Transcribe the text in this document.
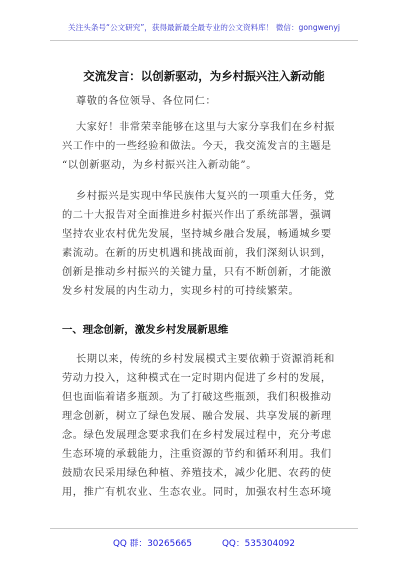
关注头条号“公文研究”，获得最新最全最专业的公文资料库！ 微信：gongwenyj
交流发言：以创新驱动，为乡村振兴注入新动能
尊敬的各位领导、各位同仁：
大家好！非常荣幸能够在这里与大家分享我们在乡村振
兴工作中的一些经验和做法。今天，我交流发言的主题是
“以创新驱动，为乡村振兴注入新动能”。
乡村振兴是实现中华民族伟大复兴的一项重大任务，党
的二十大报告对全面推进乡村振兴作出了系统部署，强调
坚持农业农村优先发展，坚持城乡融合发展，畅通城乡要
素流动。在新的历史机遇和挑战面前，我们深刻认识到，
创新是推动乡村振兴的关键力量，只有不断创新，才能激
发乡村发展的内生动力，实现乡村的可持续繁荣。
一、理念创新，激发乡村发展新思维
长期以来，传统的乡村发展模式主要依赖于资源消耗和
劳动力投入，这种模式在一定时期内促进了乡村的发展，
但也面临着诸多瓶颈。为了打破这些瓶颈，我们积极推动
理念创新，树立了绿色发展、融合发展、共享发展的新理
念。绿色发展理念要求我们在乡村发展过程中，充分考虑
生态环境的承载能力，注重资源的节约和循环利用。我们
鼓励农民采用绿色种植、养殖技术，减少化肥、农药的使
用，推广有机农业、生态农业。同时，加强农村生态环境
QQ 群：30265665	QQ：535304092
